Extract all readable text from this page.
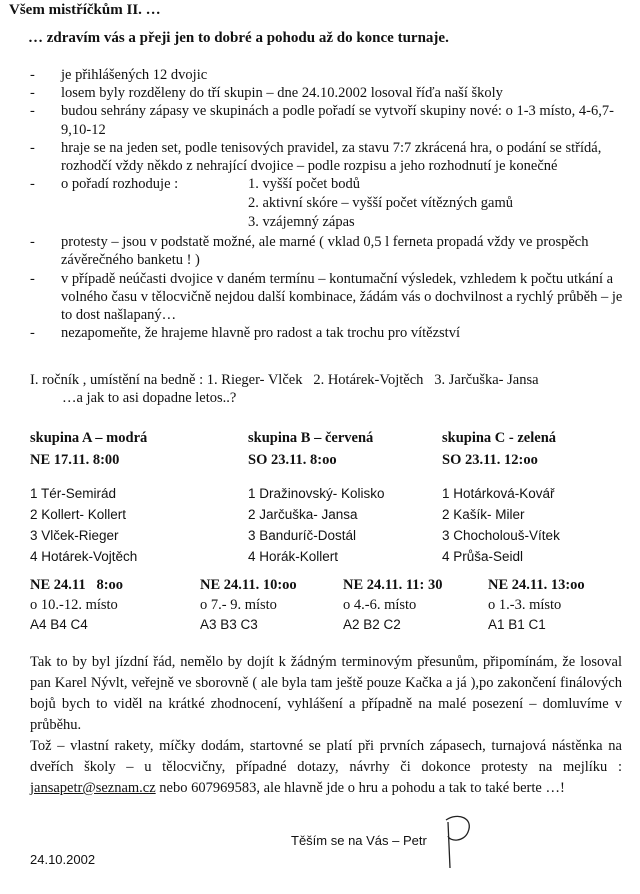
Všem mistříčkům II. …
… zdravím vás a přeji jen to dobré a pohodu až do konce turnaje.
- je přihlášených 12 dvojic
- losem byly rozděleny do tří skupin – dne 24.10.2002 losoval říďa naší školy
- budou sehrány zápasy ve skupinách a podle pořadí se vytvoří skupiny nové: o 1-3 místo, 4-6,7-9,10-12
- hraje se na jeden set, podle tenisových pravidel, za stavu 7:7 zkrácená hra, o podání se střídá, rozhodčí vždy někdo z nehrající dvojice – podle rozpisu a jeho rozhodnutí je konečné
- o pořadí rozhoduje :	1. vyšší počet bodů
2. aktivní skóre – vyšší počet vítězných gamů
3. vzájemný zápas
- protesty – jsou v podstatě možné, ale marné ( vklad 0,5 l ferneta propadá vždy ve prospěch závěrečného banketu ! )
- v případě neúčasti dvojice v daném termínu – kontumační výsledek, vzhledem k počtu utkání a volného času v tělocvičně nejdou další kombinace, žádám vás o dochvilnost a rychlý průběh – je to dost našlapaný…
- nezapomeňte, že hrajeme hlavně pro radost a tak trochu pro vítězství
I. ročník , umístění na bedně : 1. Rieger- Vlček   2. Hotárek-Vojtěch   3. Jarčuška- Jansa
…a jak to asi dopadne letos..?
skupina A – modrá
NE 17.11. 8:00
1 Tér-Semirád
2 Kollert- Kollert
3 Vlček-Rieger
4 Hotárek-Vojtěch
skupina B – červená
SO 23.11. 8:oo
1 Dražinovský- Kolisko
2 Jarčuška- Jansa
3 Banduríč-Dostál
4 Horák-Kollert
skupina C - zelená
SO 23.11. 12:oo
1 Hotárková-Kovář
2 Kašík- Miler
3 Chocholouš-Vítek
4 Průša-Seidl
NE 24.11   8:oo
o 10.-12. místo
A4 B4 C4
NE 24.11. 10:oo
o 7.- 9. místo
A3 B3 C3
NE 24.11. 11: 30
o 4.-6. místo
A2 B2 C2
NE 24.11. 13:oo
o 1.-3. místo
A1 B1 C1
Tak to by byl jízdní řád, nemělo by dojít k žádným terminovým přesunům, připomínám, že losoval pan Karel Nývlt, veřejně ve sborovně ( ale byla tam ještě pouze Kačka a já ),po zakončení finálových bojů bych to viděl na krátké zhodnocení, vyhlášení a případně na malé posezení – domluvíme v průběhu.
Tož – vlastní rakety, míčky dodám, startovné se platí při prvních zápasech, turnajová nástěnka na dveřích školy – u tělocvičny, případné dotazy, návrhy či dokonce protesty na mejlíku : jansapetr@seznam.cz nebo 607969583, ale hlavně jde o hru a pohodu a tak to také berte …!
Těším se na Vás – Petr
24.10.2002
